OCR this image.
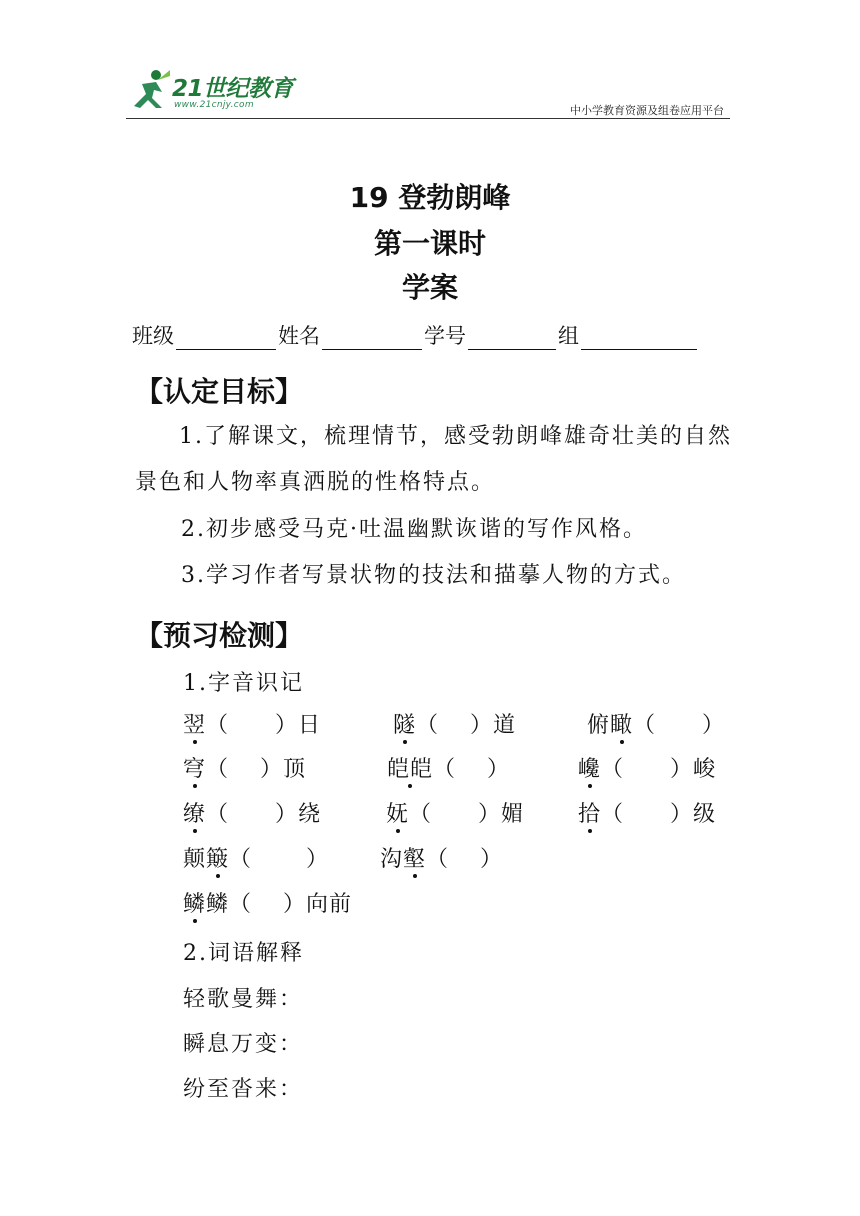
21世纪教育
www.21cnjy.com	中小学教育资源及组卷应用平台
19 登勃朗峰
第一课时
学案
班级	姓名	学号	组
【认定目标】
1.了解课文，梳理情节，感受勃朗峰雄奇壮美的自然景色和人物率真洒脱的性格特点。
2.初步感受马克·吐温幽默诙谐的写作风格。
3.学习作者写景状物的技法和描摹人物的方式。
【预习检测】
1.字音识记
翌（　　）日	隧（　 ）道	俯瞰（　　）
穹（　 ）顶	皑皑（　 ）	巉（　　）峻
缭（　　）绕	妩（　　）媚 拾（　　）级
颠簸（　　 ） 沟壑（　 ）
鳞鳞（　 ）向前
2.词语解释
轻歌曼舞：
瞬息万变：
纷至沓来：
